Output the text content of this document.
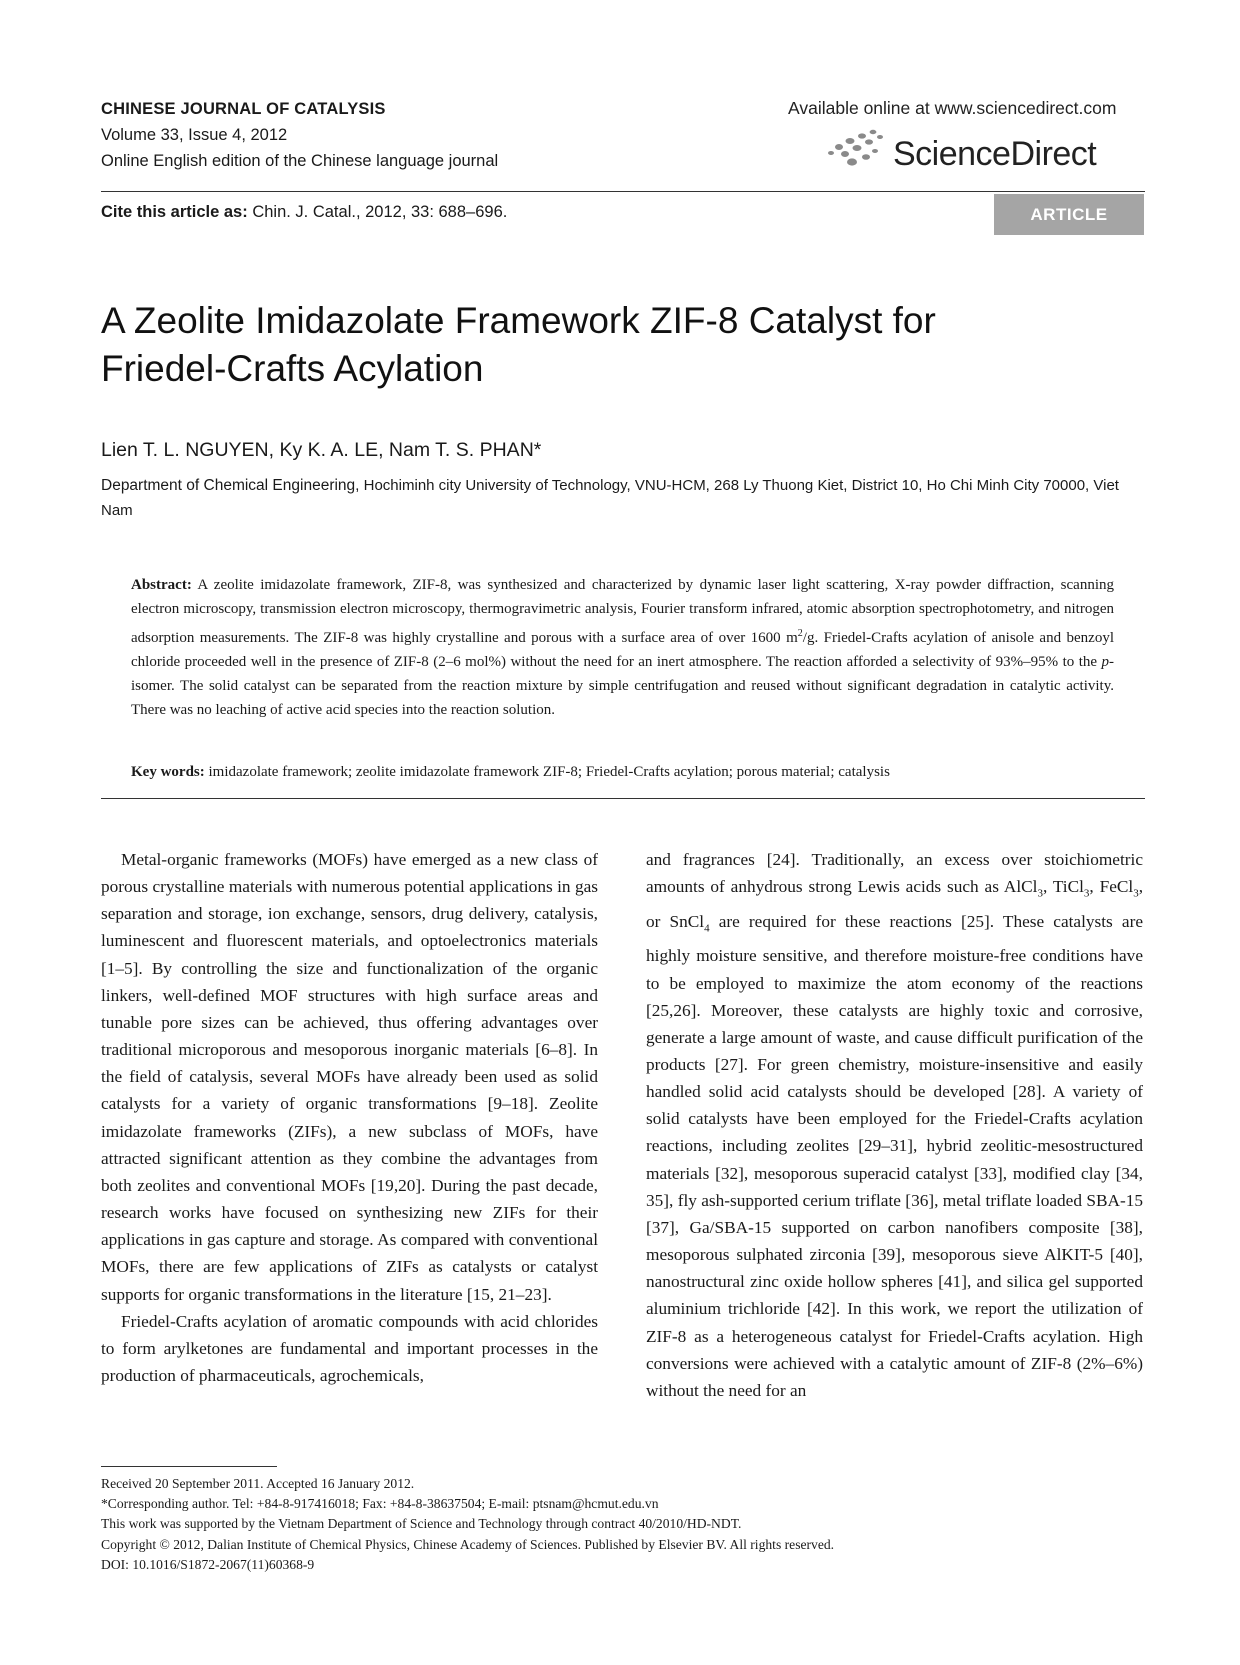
CHINESE JOURNAL OF CATALYSIS
Volume 33, Issue 4, 2012
Online English edition of the Chinese language journal
Available online at www.sciencedirect.com
ScienceDirect
Cite this article as: Chin. J. Catal., 2012, 33: 688–696.	ARTICLE
A Zeolite Imidazolate Framework ZIF-8 Catalyst for
Friedel-Crafts Acylation
Lien T. L. NGUYEN, Ky K. A. LE, Nam T. S. PHAN*
Department of Chemical Engineering, Hochiminh city University of Technology, VNU-HCM, 268 Ly Thuong Kiet, District 10, Ho Chi Minh City 70000, Viet Nam
Abstract: A zeolite imidazolate framework, ZIF-8, was synthesized and characterized by dynamic laser light scattering, X-ray powder diffraction, scanning electron microscopy, transmission electron microscopy, thermogravimetric analysis, Fourier transform infrared, atomic absorption spectrophotometry, and nitrogen adsorption measurements. The ZIF-8 was highly crystalline and porous with a surface area of over 1600 $m^2/g$. Friedel-Crafts acylation of anisole and benzoyl chloride proceeded well in the presence of ZIF-8 (2–6 mol%) without the need for an inert atmosphere. The reaction afforded a selectivity of 93%–95% to the p-isomer. The solid catalyst can be separated from the reaction mixture by simple centrifugation and reused without significant degradation in catalytic activity. There was no leaching of active acid species into the reaction solution.
Key words: imidazolate framework; zeolite imidazolate framework ZIF-8; Friedel-Crafts acylation; porous material; catalysis

Metal-organic frameworks (MOFs) have emerged as a new class of porous crystalline materials with numerous potential applications in gas separation and storage, ion exchange, sensors, drug delivery, catalysis, luminescent and fluorescent materials, and optoelectronics materials [1–5]. By controlling the size and functionalization of the organic linkers, well-defined MOF structures with high surface areas and tunable pore sizes can be achieved, thus offering advantages over traditional microporous and mesoporous inorganic materials [6–8]. In the field of catalysis, several MOFs have already been used as solid catalysts for a variety of organic transformations [9–18]. Zeolite imidazolate frameworks (ZIFs), a new subclass of MOFs, have attracted significant attention as they combine the advantages from both zeolites and conventional MOFs [19,20]. During the past decade, research works have focused on synthesizing new ZIFs for their applications in gas capture and storage. As compared with conventional MOFs, there are few applications of ZIFs as catalysts or catalyst supports for organic transformations in the literature [15, 21–23].

Friedel-Crafts acylation of aromatic compounds with acid chlorides to form arylketones are fundamental and important processes in the production of pharmaceuticals, agrochemicals,

and fragrances [24]. Traditionally, an excess over stoichiometric amounts of anhydrous strong Lewis acids such as AlCl$_3$, TiCl$_3$, FeCl$_3$, or SnCl$_4$ are required for these reactions [25]. These catalysts are highly moisture sensitive, and therefore moisture-free conditions have to be employed to maximize the atom economy of the reactions [25,26]. Moreover, these catalysts are highly toxic and corrosive, generate a large amount of waste, and cause difficult purification of the products [27]. For green chemistry, moisture-insensitive and easily handled solid acid catalysts should be developed [28]. A variety of solid catalysts have been employed for the Friedel-Crafts acylation reactions, including zeolites [29–31], hybrid zeolitic-mesostructured materials [32], mesoporous superacid catalyst [33], modified clay [34, 35], fly ash-supported cerium triflate [36], metal triflate loaded SBA-15 [37], Ga/SBA-15 supported on carbon nanofibers composite [38], mesoporous sulphated zirconia [39], mesoporous sieve AlKIT-5 [40], nanostructural zinc oxide hollow spheres [41], and silica gel supported aluminium trichloride [42]. In this work, we report the utilization of ZIF-8 as a heterogeneous catalyst for Friedel-Crafts acylation. High conversions were achieved with a catalytic amount of ZIF-8 (2%–6%) without the need for an

Received 20 September 2011. Accepted 16 January 2012.
*Corresponding author. Tel: +84-8-917416018; Fax: +84-8-38637504; E-mail: ptsnam@hcmut.edu.vn
This work was supported by the Vietnam Department of Science and Technology through contract 40/2010/HD-NDT.
Copyright © 2012, Dalian Institute of Chemical Physics, Chinese Academy of Sciences. Published by Elsevier BV. All rights reserved.
DOI: 10.1016/S1872-2067(11)60368-9
